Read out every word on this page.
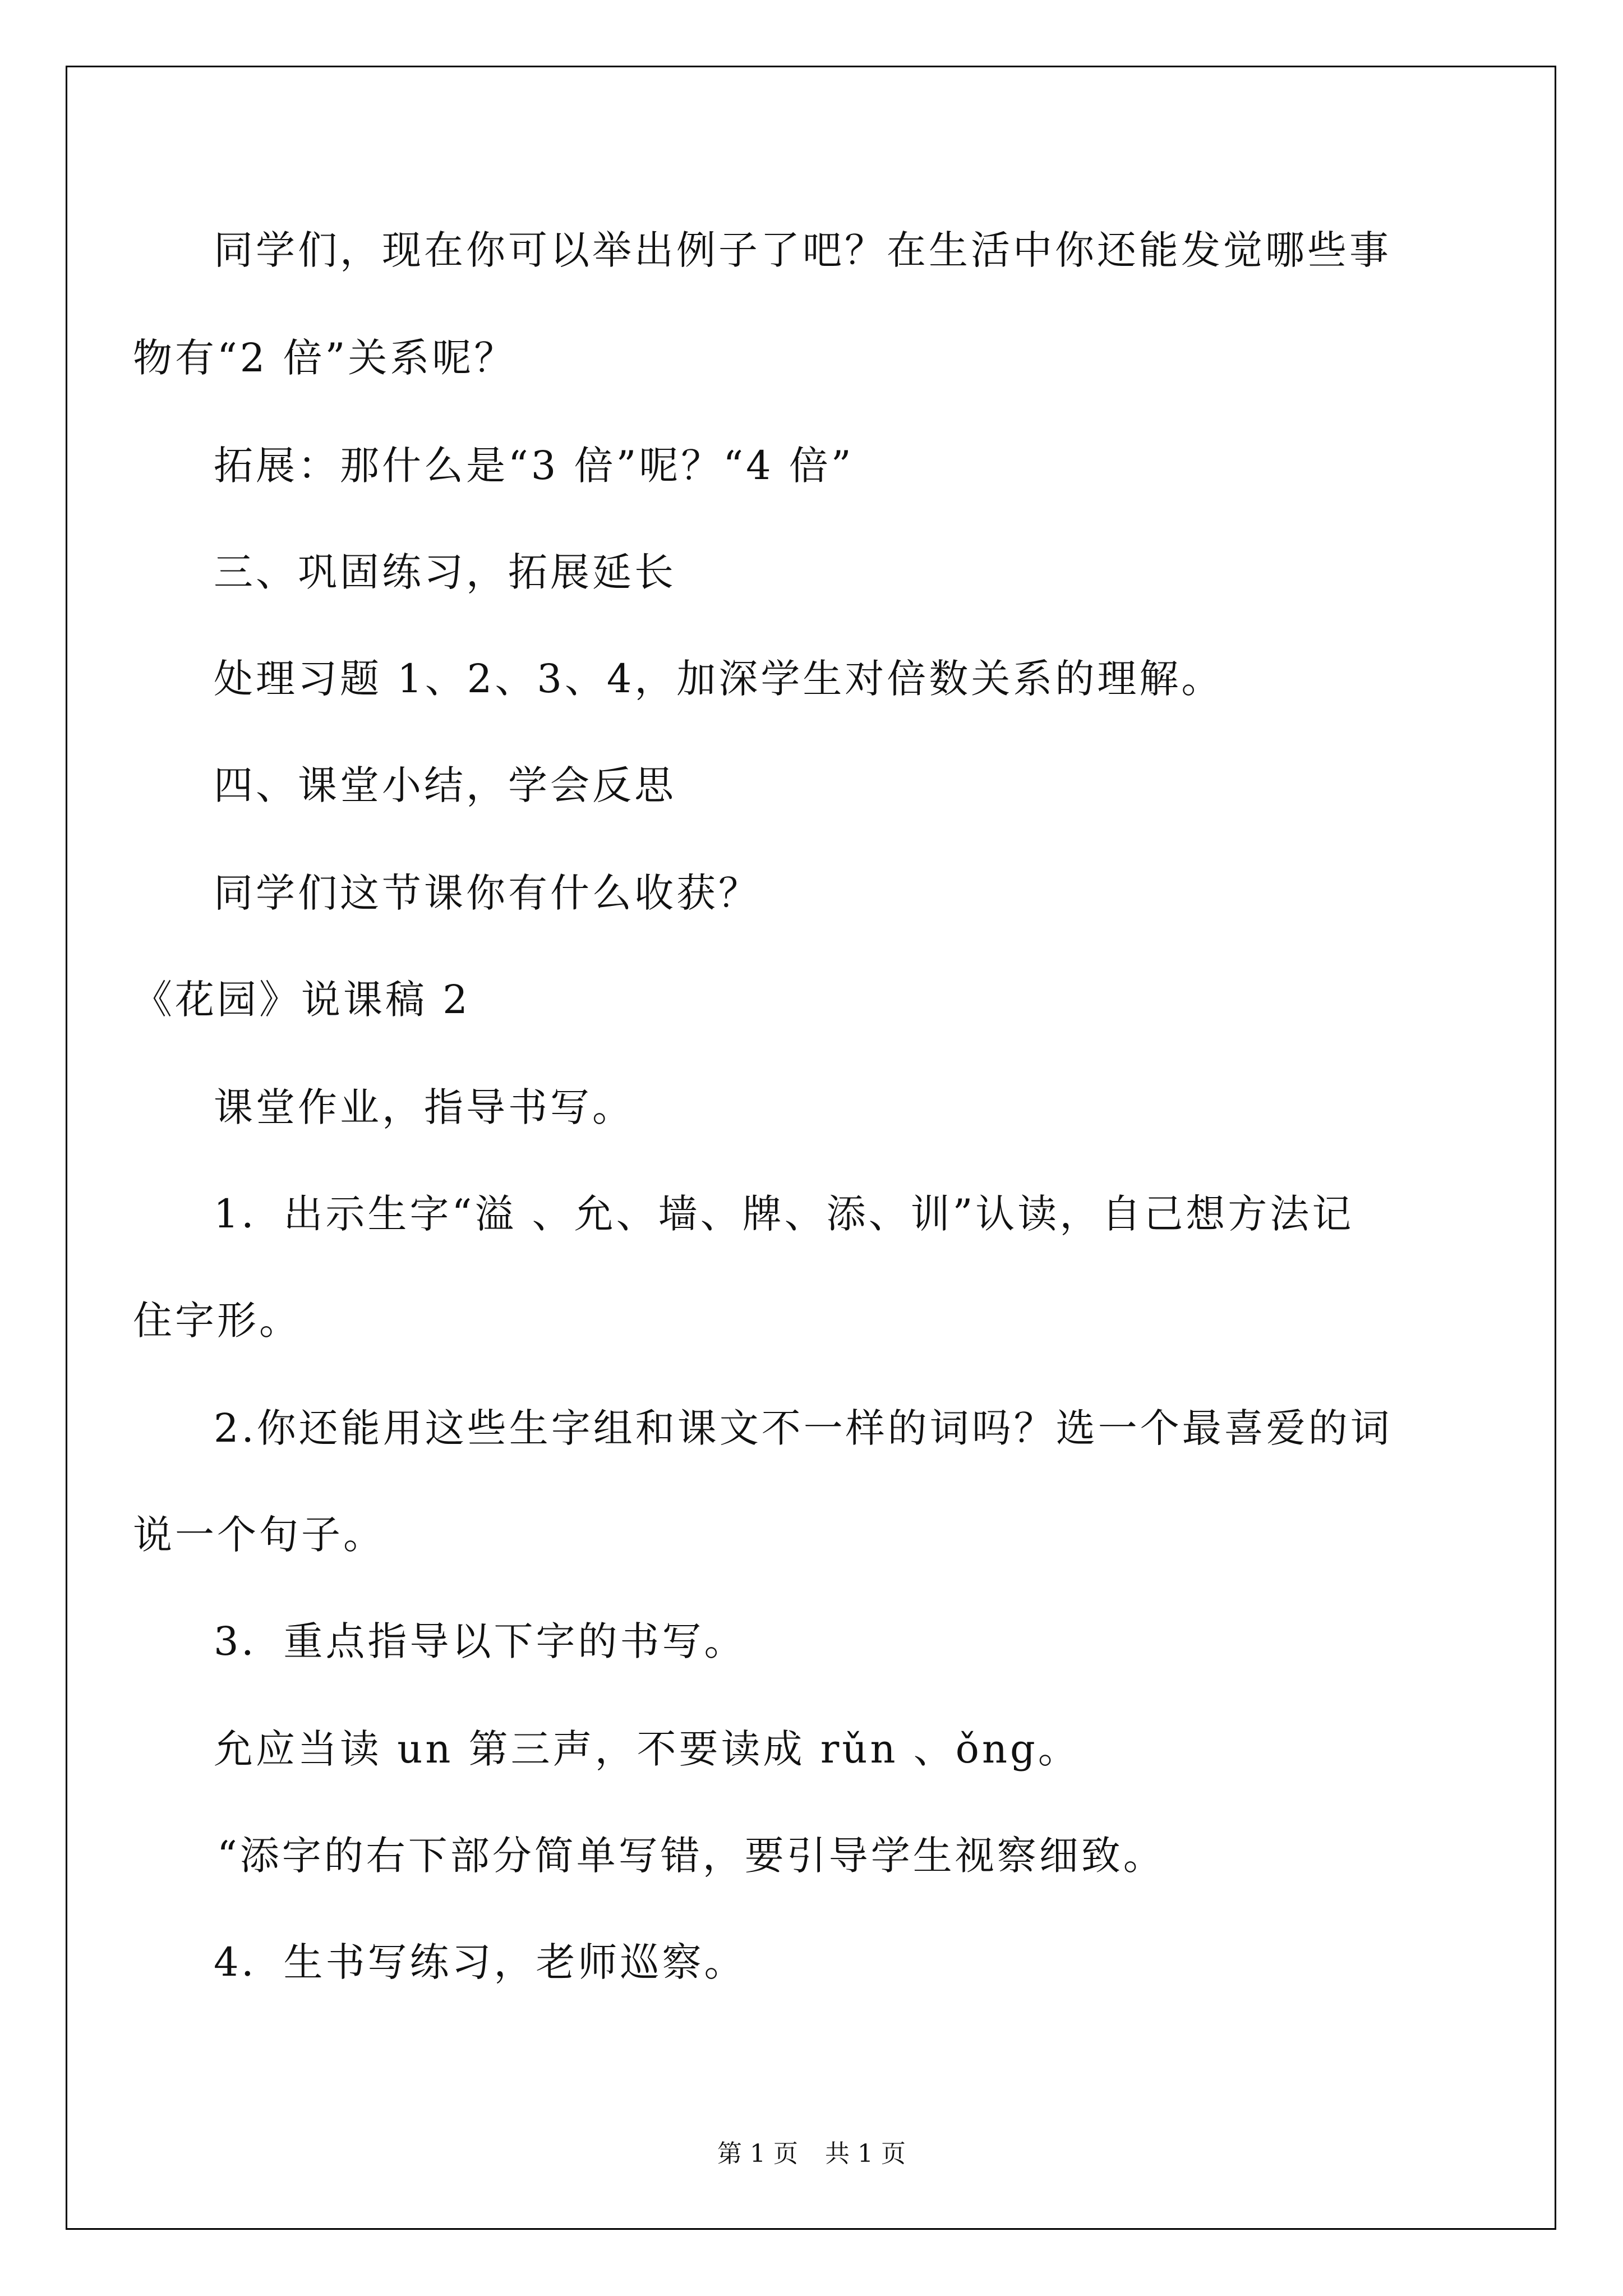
同学们，现在你可以举出例子了吧？在生活中你还能发觉哪些事
物有“2 倍”关系呢？
拓展：那什么是“3 倍”呢？“4 倍”
三、巩固练习，拓展延长
处理习题 1、2、3、4，加深学生对倍数关系的理解。
四、课堂小结，学会反思
同学们这节课你有什么收获？
《花园》说课稿 2
课堂作业，指导书写。
1．出示生字“溢 、允、墙、牌、添、训”认读，自己想方法记
住字形。
2.你还能用这些生字组和课文不一样的词吗？选一个最喜爱的词
说一个句子。
3．重点指导以下字的书写。
允应当读 un 第三声，不要读成 rǔn 、ǒng。
“添字的右下部分简单写错，要引导学生视察细致。
4．生书写练习，老师巡察。
第 1 页 共 1 页
